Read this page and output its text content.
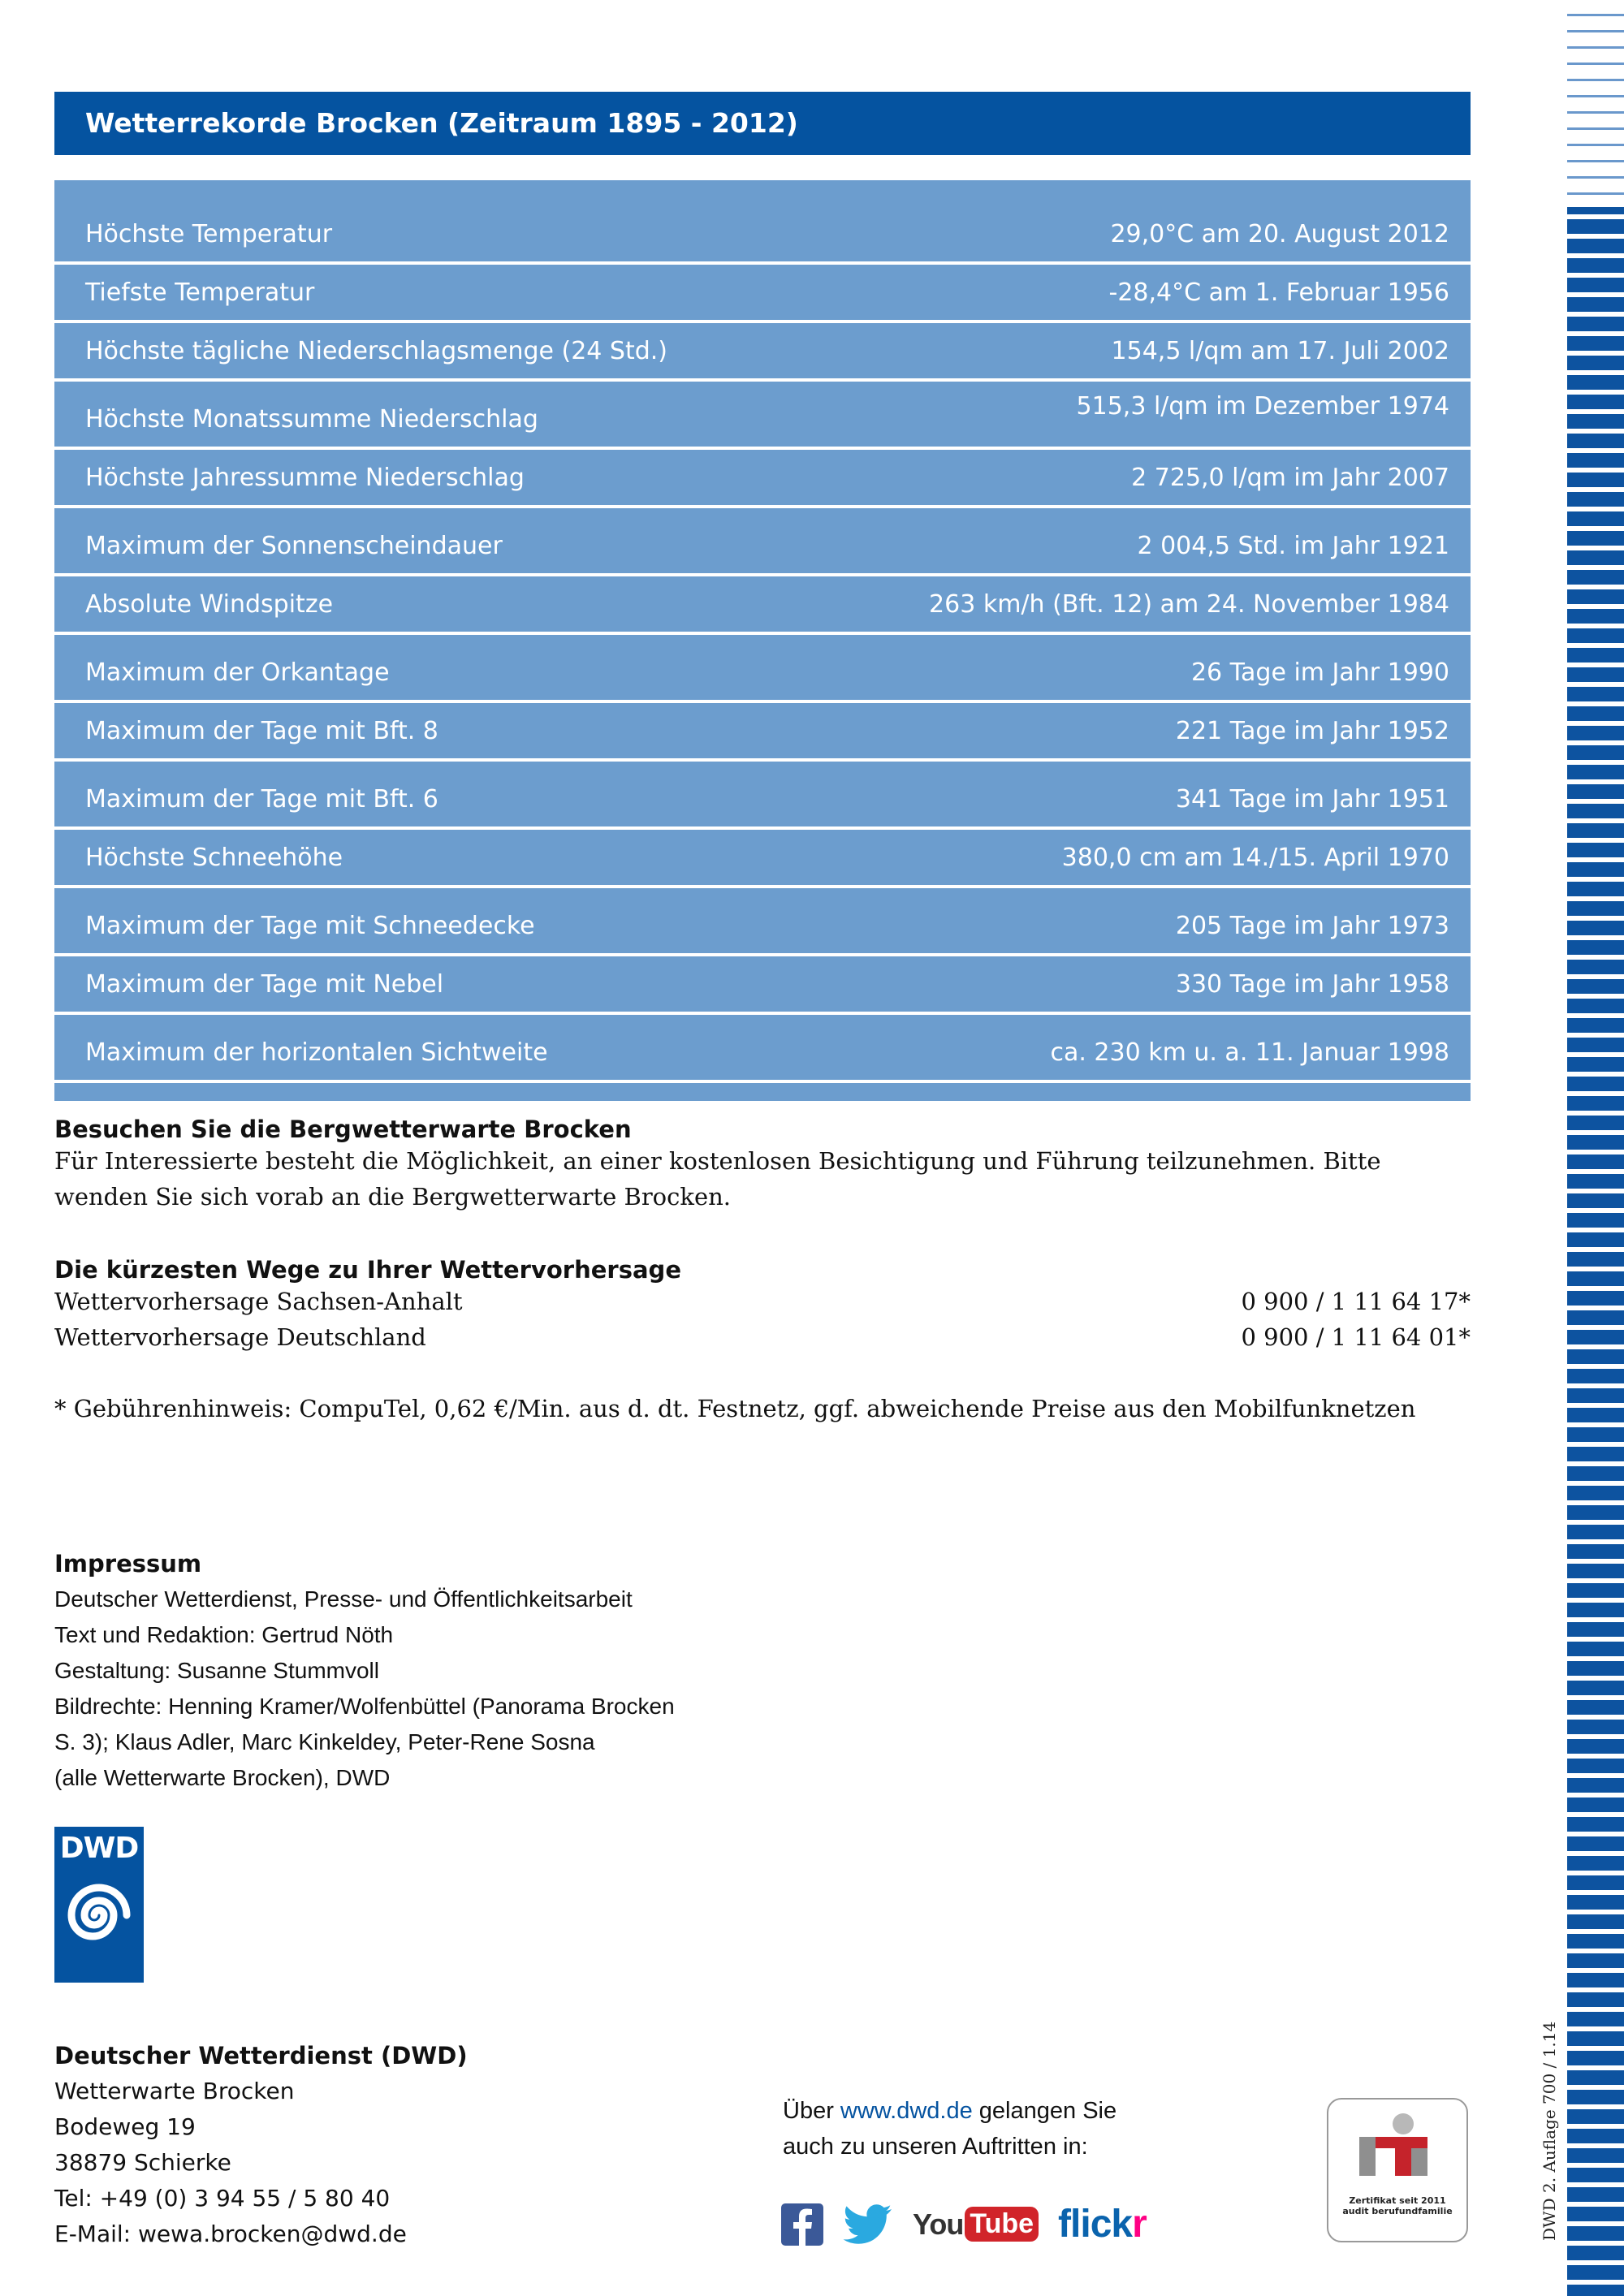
DWD 2. Auflage 700 / 1.14
Wetterrekorde Brocken (Zeitraum 1895 - 2012)
Höchste Temperatur	29,0°C am 20. August 2012
Tiefste Temperatur	-28,4°C am 1. Februar 1956
Höchste tägliche Niederschlagsmenge (24 Std.)	154,5 l/qm am 17. Juli 2002
Höchste Monatssumme Niederschlag	515,3 l/qm im Dezember 1974
Höchste Jahressumme Niederschlag	2 725,0 l/qm im Jahr 2007
Maximum der Sonnenscheindauer	2 004,5 Std. im Jahr 1921
Absolute Windspitze	263 km/h (Bft. 12) am 24. November 1984
Maximum der Orkantage	26 Tage im Jahr 1990
Maximum der Tage mit Bft. 8	221 Tage im Jahr 1952
Maximum der Tage mit Bft. 6	341 Tage im Jahr 1951
Höchste Schneehöhe	380,0 cm am 14./15. April 1970
Maximum der Tage mit Schneedecke	205 Tage im Jahr 1973
Maximum der Tage mit Nebel	330 Tage im Jahr 1958
Maximum der horizontalen Sichtweite	ca. 230 km u. a. 11. Januar 1998
Besuchen Sie die Bergwetterwarte Brocken
Für Interessierte besteht die Möglichkeit, an einer kostenlosen Besichtigung und Führung teilzunehmen. Bitte
wenden Sie sich vorab an die Bergwetterwarte Brocken.
Die kürzesten Wege zu Ihrer Wettervorhersage
Wettervorhersage Sachsen-Anhalt	0 900 / 1 11 64 17*
Wettervorhersage Deutschland	0 900 / 1 11 64 01*
* Gebührenhinweis: CompuTel, 0,62 €/Min. aus d. dt. Festnetz, ggf. abweichende Preise aus den Mobilfunknetzen
Impressum
Deutscher Wetterdienst, Presse- und Öffentlichkeitsarbeit
Text und Redaktion: Gertrud Nöth
Gestaltung: Susanne Stummvoll
Bildrechte: Henning Kramer/Wolfenbüttel (Panorama Brocken
S. 3); Klaus Adler, Marc Kinkeldey, Peter-Rene Sosna
(alle Wetterwarte Brocken), DWD
DWD
Deutscher Wetterdienst (DWD)
Wetterwarte Brocken
Bodeweg 19
38879 Schierke
Tel: +49 (0) 3 94 55 / 5 80 40
E-Mail: wewa.brocken@dwd.de
Über www.dwd.de gelangen Sie
auch zu unseren Auftritten in:
You Tube flickr
Zertifikat seit 2011
audit berufundfamilie
